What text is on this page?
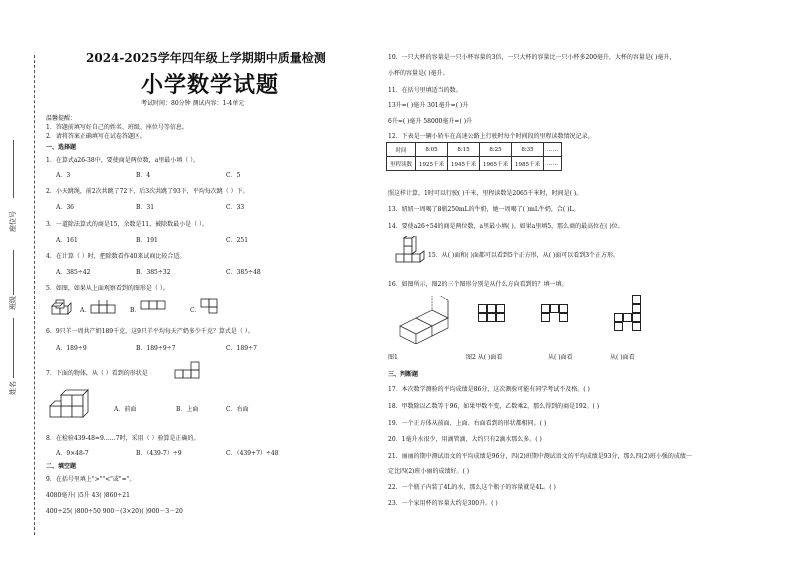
座位号
班级
姓名
2024-2025学年四年级上学期期中质量检测
小学数学试题
考试时间：80分钟 测试内容：1-4单元
温馨提醒：
1．答题前填写好自己的姓名、班级、座位号等信息。
2．请将答案正确填写在试卷答题区。
一、选择题
1．在算式a26-38中，要使商是两位数，a里最小填（ ）。
A．3	B．4	C．5
2．小天跳绳，前2次共跳了72下，后3次共跳了93下，平均每次跳（ ）下。
A．36	B．31	C．33
3．一道除法算式的商是15，余数是11，被除数最小是（ ）。
A．161	B．191	C．251
4．在计算（ ）时，把除数看作40来试商比较合适。
A．385÷42	B．385÷32	C．385÷48
5．如图，如果从上面观察看到的图形是（ ）。
A．	B．	C．
6．9只羊一周共产奶189千克，这9只羊平均每天产奶多少千克？算式是（ ）。
A．189÷9	B．189÷9÷7	C．189÷7
7．下面的物体，从（ ）看到的形状是
A．前面	B．上面	C．右面
8．在检验439-48=9……7时，采用（ ）验算是正确的。
A．9×48-7	B．（439-7）÷9	C．（439+7）÷48
二、填空题
9．在括号里填上">""<"或"="。
4080毫升( )5升 43( )860÷21
400÷25( )800÷50 900－(3×20)( )900－3－20
10．一只大杯的容量是一只小杯容量的3倍，一只大杯的容量比一只小杯多200毫升，大杯的容量是( )毫升，
小杯的容量是( )毫升。
11．在括号里填适当的数。
13升=( )毫升 301毫升=( )升
6升=( )毫升 58000毫升=( )升
12．下表是一辆小轿车在高速公路上行驶时每个时间段的里程读数情况记录。
时间	8:05	8:15	8:25	8:35	……
里程读数	1925千米	1945千米	1965千米	1985千米	……
照这样计算，1时可以行驶( )千米，里程读数是2065千米时，时间是( )。
13．妞妞一周喝了8瓶250mL的牛奶，她一周喝了( )mL牛奶，合( )L。
14．要使a26÷54的商是两位数，a里最小填( )。如果a里填5，那么商的最高位在( )位。
15．从( )面和( )面都可以看到5个正方形，从( )面可以看到3个正方形。
16．如图所示，图2的三个图形分别是从什么方向看到的？填一填。
图1	图2 从( )面看	从( )面看	从( )面看
三、判断题
17．本次数学测验的平均成绩是86分，这次测验可能有同学考试不及格。( )
18．甲数除以乙数等于96，如果甲数不变，乙数乘2，那么得到的商是192。( )
19．一个正方体从前面、上面、右面看到的形状都相同。( )
20．1毫升水很少，用滴管滴，大约只有2滴水那么多。( )
21．丽丽的期中测试语文的平均成绩是96分，四(2)班期中测试语文的平均成绩是93分，那么四(2)班小强的成绩一
定比四(2)班小丽的成绩好。( )
22．一个瓶子内装了4L的水，那么这个瓶子的容量就是4L。( )
23．一个家用杯的容量大约是300升。( )
